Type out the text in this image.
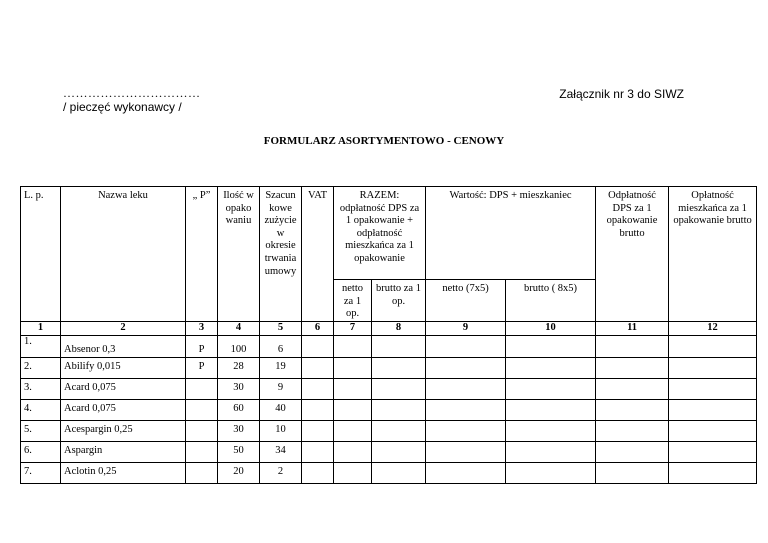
……………………………
/ pieczęć wykonawcy /
Załącznik nr 3 do SIWZ
FORMULARZ ASORTYMENTOWO - CENOWY
L. p.	Nazwa leku	„ P”	Ilość w opako waniu	Szacun kowe zużycie w okresie trwania umowy	VAT	RAZEM: odpłatność DPS za 1 opakowanie + odpłatność mieszkańca za 1 opakowanie		Wartość: DPS + mieszkaniec		Odpłatność DPS za 1 opakowanie brutto	Opłatność mieszkańca za 1 opakowanie brutto
						netto za 1 op.	brutto za 1 op.	netto (7x5)	brutto ( 8x5)		
1	2	3	4	5	6	7	8	9	10	11	12
1.	Absenor 0,3	P	100	6							
2.	Abilify 0,015	P	28	19							
3.	Acard 0,075		30	9							
4.	Acard 0,075		60	40							
5.	Acespargin 0,25		30	10							
6.	Aspargin		50	34							
7.	Aclotin 0,25		20	2							
